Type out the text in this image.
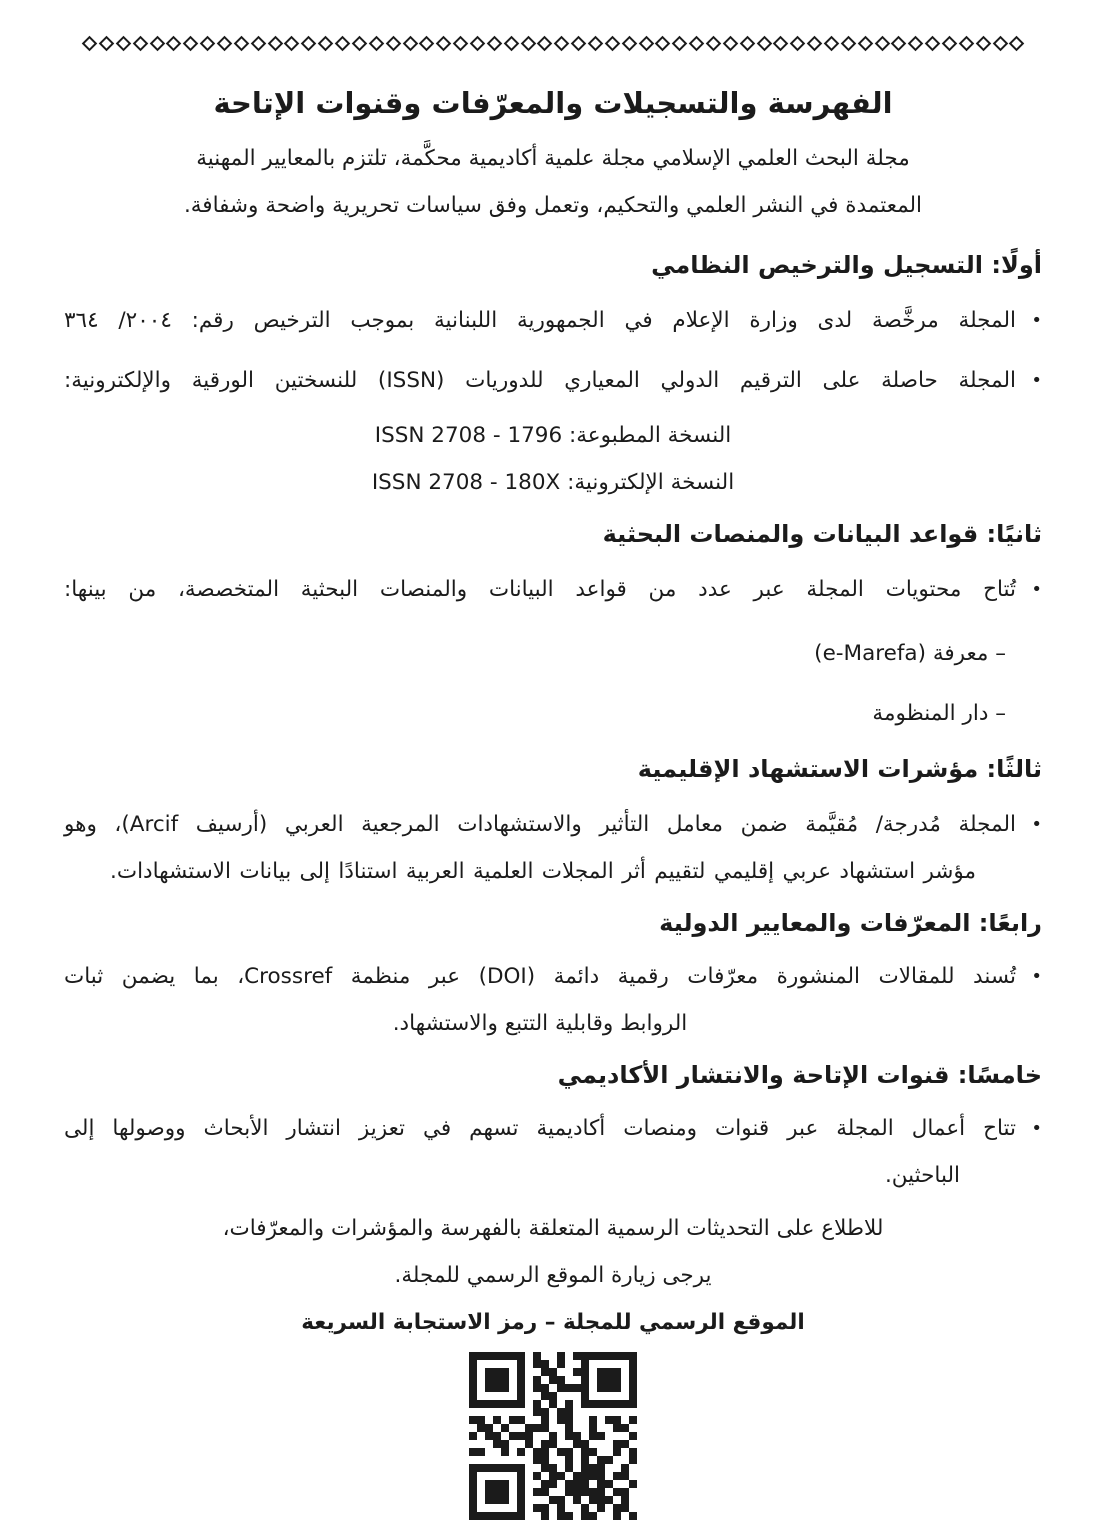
الفهرسة والتسجيلات والمعرّفات وقنوات الإتاحة
مجلة البحث العلمي الإسلامي مجلة علمية أكاديمية محكَّمة، تلتزم بالمعايير المهنية
المعتمدة في النشر العلمي والتحكيم، وتعمل وفق سياسات تحريرية واضحة وشفافة.
أولًا: التسجيل والترخيص النظامي
•
المجلة مرخَّصة لدى وزارة الإعلام في الجمهورية اللبنانية بموجب الترخيص رقم: ٢٠٠٤/ ٣٦٤
•
المجلة حاصلة على الترقيم الدولي المعياري للدوريات (ISSN) للنسختين الورقية والإلكترونية:
النسخة المطبوعة: ISSN 2708 - 1796
النسخة الإلكترونية: ISSN 2708 - 180X
ثانيًا: قواعد البيانات والمنصات البحثية
•
تُتاح محتويات المجلة عبر عدد من قواعد البيانات والمنصات البحثية المتخصصة، من بينها:
– معرفة (e-Marefa)
– دار المنظومة
ثالثًا: مؤشرات الاستشهاد الإقليمية
•
المجلة مُدرجة/ مُقيَّمة ضمن معامل التأثير والاستشهادات المرجعية العربي (أرسيف Arcif)، وهو
مؤشر استشهاد عربي إقليمي لتقييم أثر المجلات العلمية العربية استنادًا إلى بيانات الاستشهادات.
رابعًا: المعرّفات والمعايير الدولية
•
تُسند للمقالات المنشورة معرّفات رقمية دائمة (DOI) عبر منظمة Crossref، بما يضمن ثبات
الروابط وقابلية التتبع والاستشهاد.
خامسًا: قنوات الإتاحة والانتشار الأكاديمي
•
تتاح أعمال المجلة عبر قنوات ومنصات أكاديمية تسهم في تعزيز انتشار الأبحاث ووصولها إلى
الباحثين.
للاطلاع على التحديثات الرسمية المتعلقة بالفهرسة والمؤشرات والمعرّفات،
يرجى زيارة الموقع الرسمي للمجلة.
الموقع الرسمي للمجلة – رمز الاستجابة السريعة
